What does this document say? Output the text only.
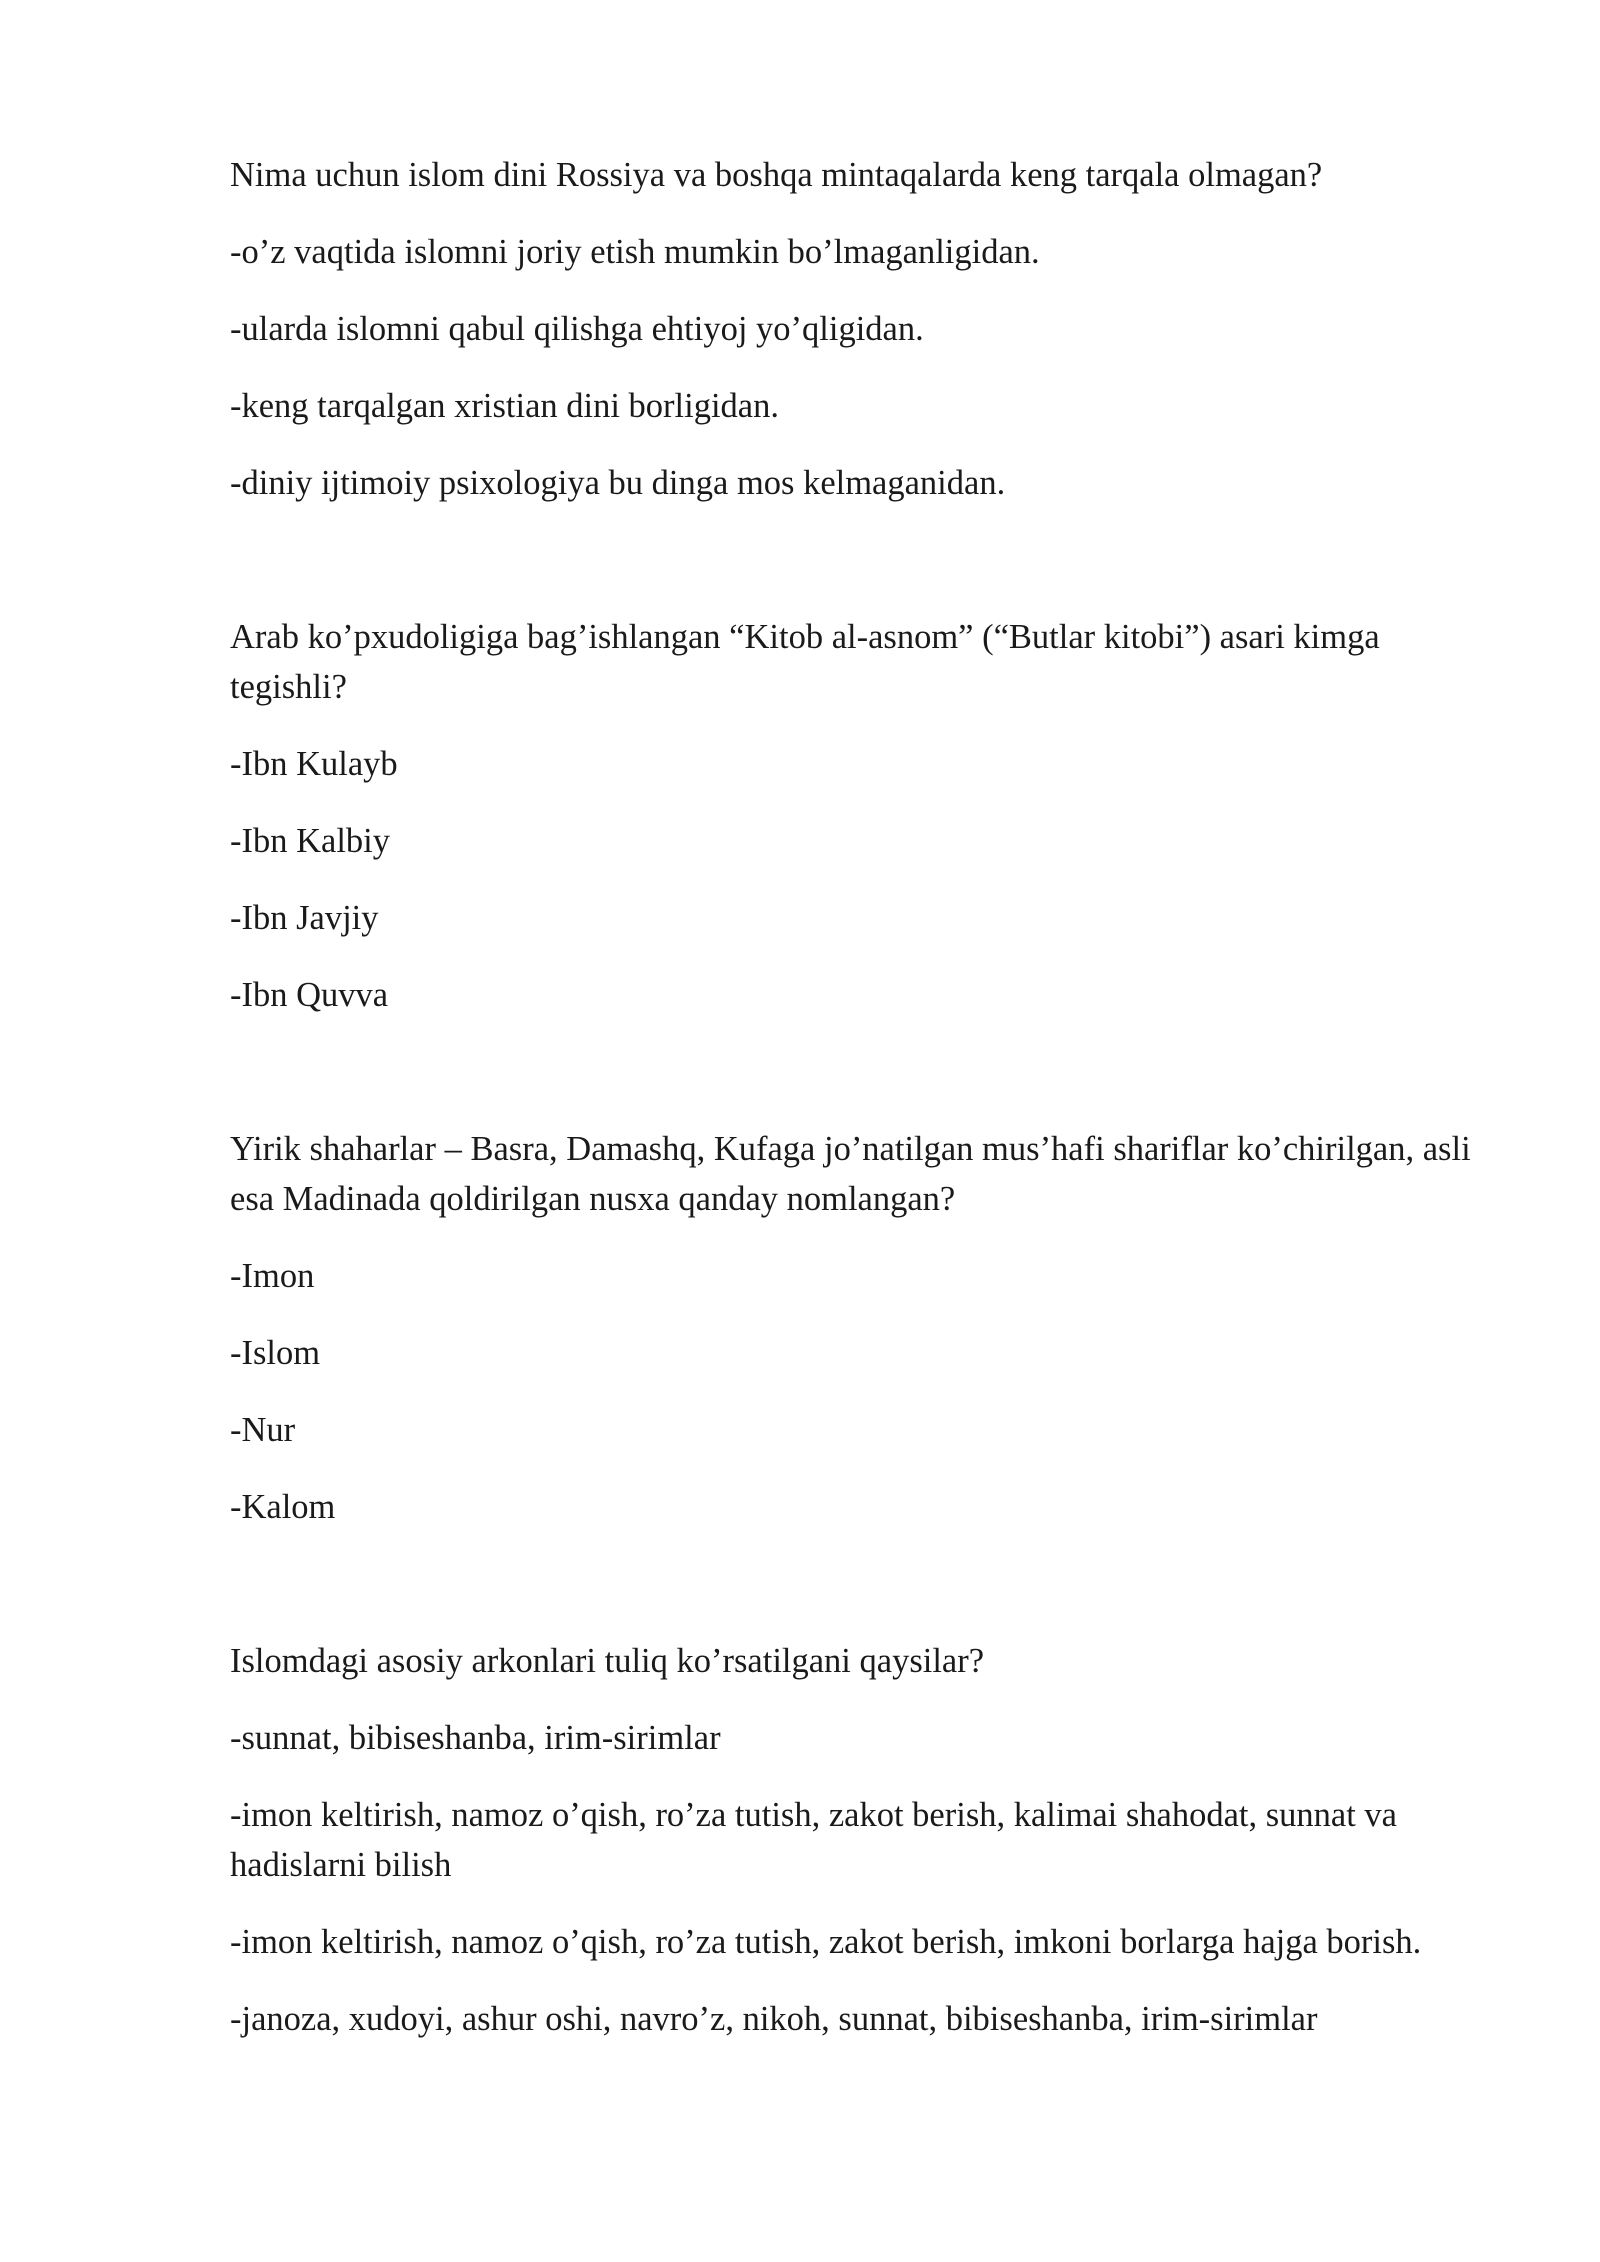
Nima uchun islom dini Rossiya va boshqa mintaqalarda keng tarqala olmagan?

-o’z vaqtida islomni joriy etish mumkin bo’lmaganligidan.

-ularda islomni qabul qilishga ehtiyoj yo’qligidan.

-keng tarqalgan xristian dini borligidan.

-diniy ijtimoiy psixologiya bu dinga mos kelmaganidan.

Arab ko’pxudoligiga bag’ishlangan “Kitob al-asnom” (“Butlar kitobi”) asari kimga tegishli?

-Ibn Kulayb

-Ibn Kalbiy

-Ibn Javjiy

-Ibn Quvva

Yirik shaharlar – Basra, Damashq, Kufaga jo’natilgan mus’hafi shariflar ko’chirilgan, asli esa Madinada qoldirilgan nusxa qanday nomlangan?

-Imon

-Islom

-Nur

-Kalom

Islomdagi asosiy arkonlari tuliq ko’rsatilgani qaysilar?

-sunnat, bibiseshanba, irim-sirimlar

-imon keltirish, namoz o’qish, ro’za tutish, zakot berish, kalimai shahodat, sunnat va hadislarni bilish

-imon keltirish, namoz o’qish, ro’za tutish, zakot berish, imkoni borlarga hajga borish.

-janoza, xudoyi, ashur oshi, navro’z, nikoh, sunnat, bibiseshanba, irim-sirimlar
